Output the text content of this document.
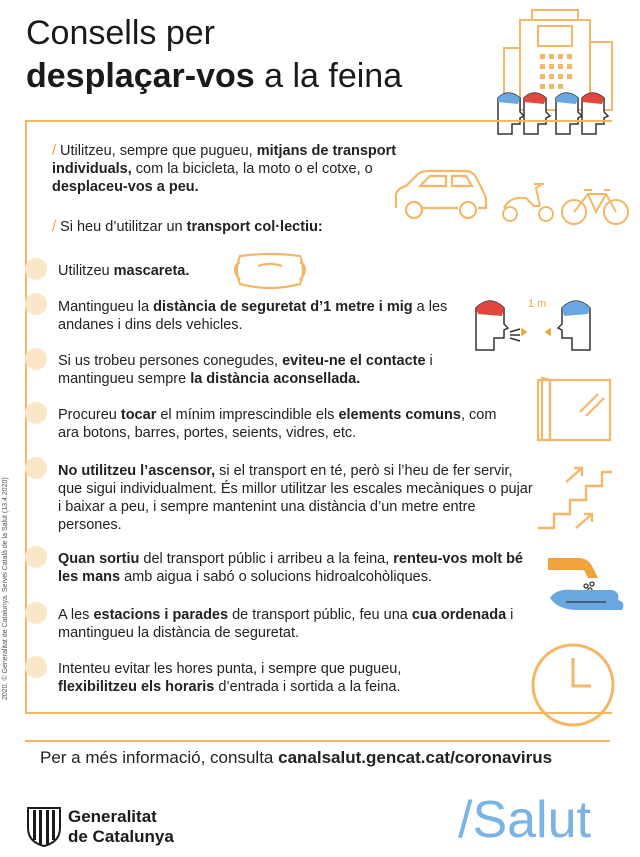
Consells per
desplaçar-vos a la feina
/ Utilitzeu, sempre que pugueu, mitjans de transport individuals, com la bicicleta, la moto o el cotxe, o desplaceu-vos a peu.
/ Si heu d’utilitzar un transport col·lectiu:
Utilitzeu mascareta.
Mantingueu la distància de seguretat d’1 metre i mig a les andanes i dins dels vehicles.
1 m
Si us trobeu persones conegudes, eviteu-ne el contacte i mantingueu sempre la distància aconsellada.
Procureu tocar el mínim imprescindible els elements comuns, com ara botons, barres, portes, seients, vidres, etc.
No utilitzeu l’ascensor, si el transport en té, però si l’heu de fer servir, que sigui individualment. És millor utilitzar les escales mecàniques o pujar i baixar a peu, i sempre mantenint una distància d’un metre entre persones.
Quan sortiu del transport públic i arribeu a la feina, renteu-vos molt bé les mans amb aigua i sabó o solucions hidroalcohòliques.
A les estacions i parades de transport públic, feu una cua ordenada i mantingueu la distància de seguretat.
Intenteu evitar les hores punta, i sempre que pugueu, flexibilitzeu els horaris d’entrada i sortida a la feina.
Per a més informació, consulta canalsalut.gencat.cat/coronavirus
2020. © Generalitat de Catalunya. Servei Català de la Salut (13.4.2020)
Generalitat
de Catalunya	/Salut
